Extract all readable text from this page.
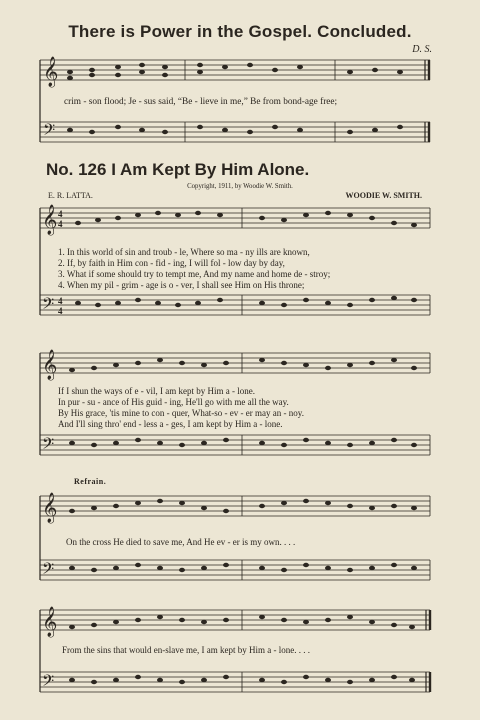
There is Power in the Gospel. Concluded.
D. S.
𝄞
𝄢
crim - son flood; Je - sus said, “Be - lieve in me,” Be from bond-age free;
No. 126 I Am Kept By Him Alone.
Copyright, 1911, by Woodie W. Smith.
E. R. LATTA.	WOODIE W. SMITH.
𝄞
𝄢
4
4
4
4
1. In this world of sin and troub - le, Where so ma - ny ills are known,
2. If, by faith in Him con - fid - ing, I will fol - low day by day,
3. What if some should try to tempt me, And my name and home de - stroy;
4. When my pil - grim - age is o - ver, I shall see Him on His throne;
𝄞
𝄢
If I shun the ways of e - vil, I am kept by Him a - lone.
In pur - su - ance of His guid - ing, He'll go with me all the way.
By His grace, 'tis mine to con - quer, What-so - ev - er may an - noy.
And I'll sing thro' end - less a - ges, I am kept by Him a - lone.
Refrain.
𝄞
𝄢
On the cross He died to save me, And He ev - er is my own. . . .
𝄞
𝄢
From the sins that would en-slave me, I am kept by Him a - lone. . . .
